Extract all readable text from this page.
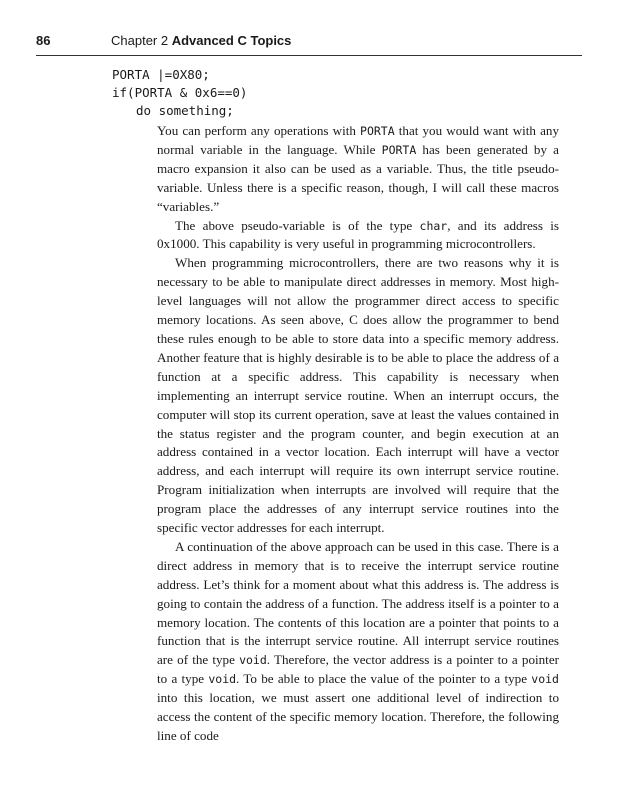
86	Chapter 2 Advanced C Topics
PORTA |=0X80;
if(PORTA & 0x6==0)
do something;

You can perform any operations with PORTA that you would want with any normal variable in the language. While PORTA has been generated by a macro expansion it also can be used as a variable. Thus, the title pseudo-variable. Unless there is a specific reason, though, I will call these macros “variables.”

The above pseudo-variable is of the type char, and its address is 0x1000. This capability is very useful in programming microcontrollers.

When programming microcontrollers, there are two reasons why it is necessary to be able to manipulate direct addresses in memory. Most high-level languages will not allow the programmer direct access to specific memory locations. As seen above, C does allow the programmer to bend these rules enough to be able to store data into a specific memory address. Another feature that is highly desirable is to be able to place the address of a function at a specific address. This capability is necessary when implementing an interrupt service routine. When an interrupt occurs, the computer will stop its current operation, save at least the values contained in the status register and the program counter, and begin execution at an address contained in a vector location. Each interrupt will have a vector address, and each interrupt will require its own interrupt service routine. Program initialization when interrupts are involved will require that the program place the addresses of any interrupt service routines into the specific vector addresses for each interrupt.

A continuation of the above approach can be used in this case. There is a direct address in memory that is to receive the interrupt service routine address. Let’s think for a moment about what this address is. The address is going to contain the address of a function. The address itself is a pointer to a memory location. The contents of this location are a pointer that points to a function that is the interrupt service routine. All interrupt service routines are of the type void. Therefore, the vector address is a pointer to a pointer to a type void. To be able to place the value of the pointer to a type void into this location, we must assert one additional level of indirection to access the content of the specific memory location. Therefore, the following line of code
